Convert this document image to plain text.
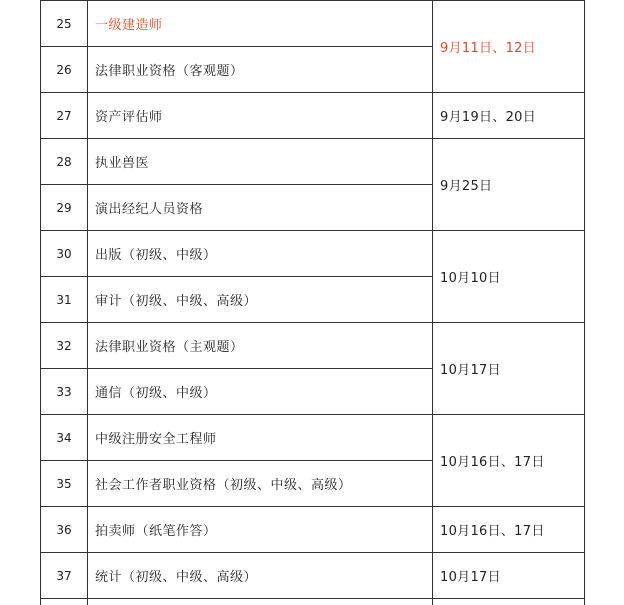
25	一级建造师	9月11日、12日
26	法律职业资格（客观题）	
27	资产评估师	9月19日、20日
28	执业兽医	9月25日
29	演出经纪人员资格	
30	出版（初级、中级）	10月10日
31	审计（初级、中级、高级）	
32	法律职业资格（主观题）	10月17日
33	通信（初级、中级）	
34	中级注册安全工程师	10月16日、17日
35	社会工作者职业资格（初级、中级、高级）	
36	拍卖师（纸笔作答）	10月16日、17日
37	统计（初级、中级、高级）	10月17日
